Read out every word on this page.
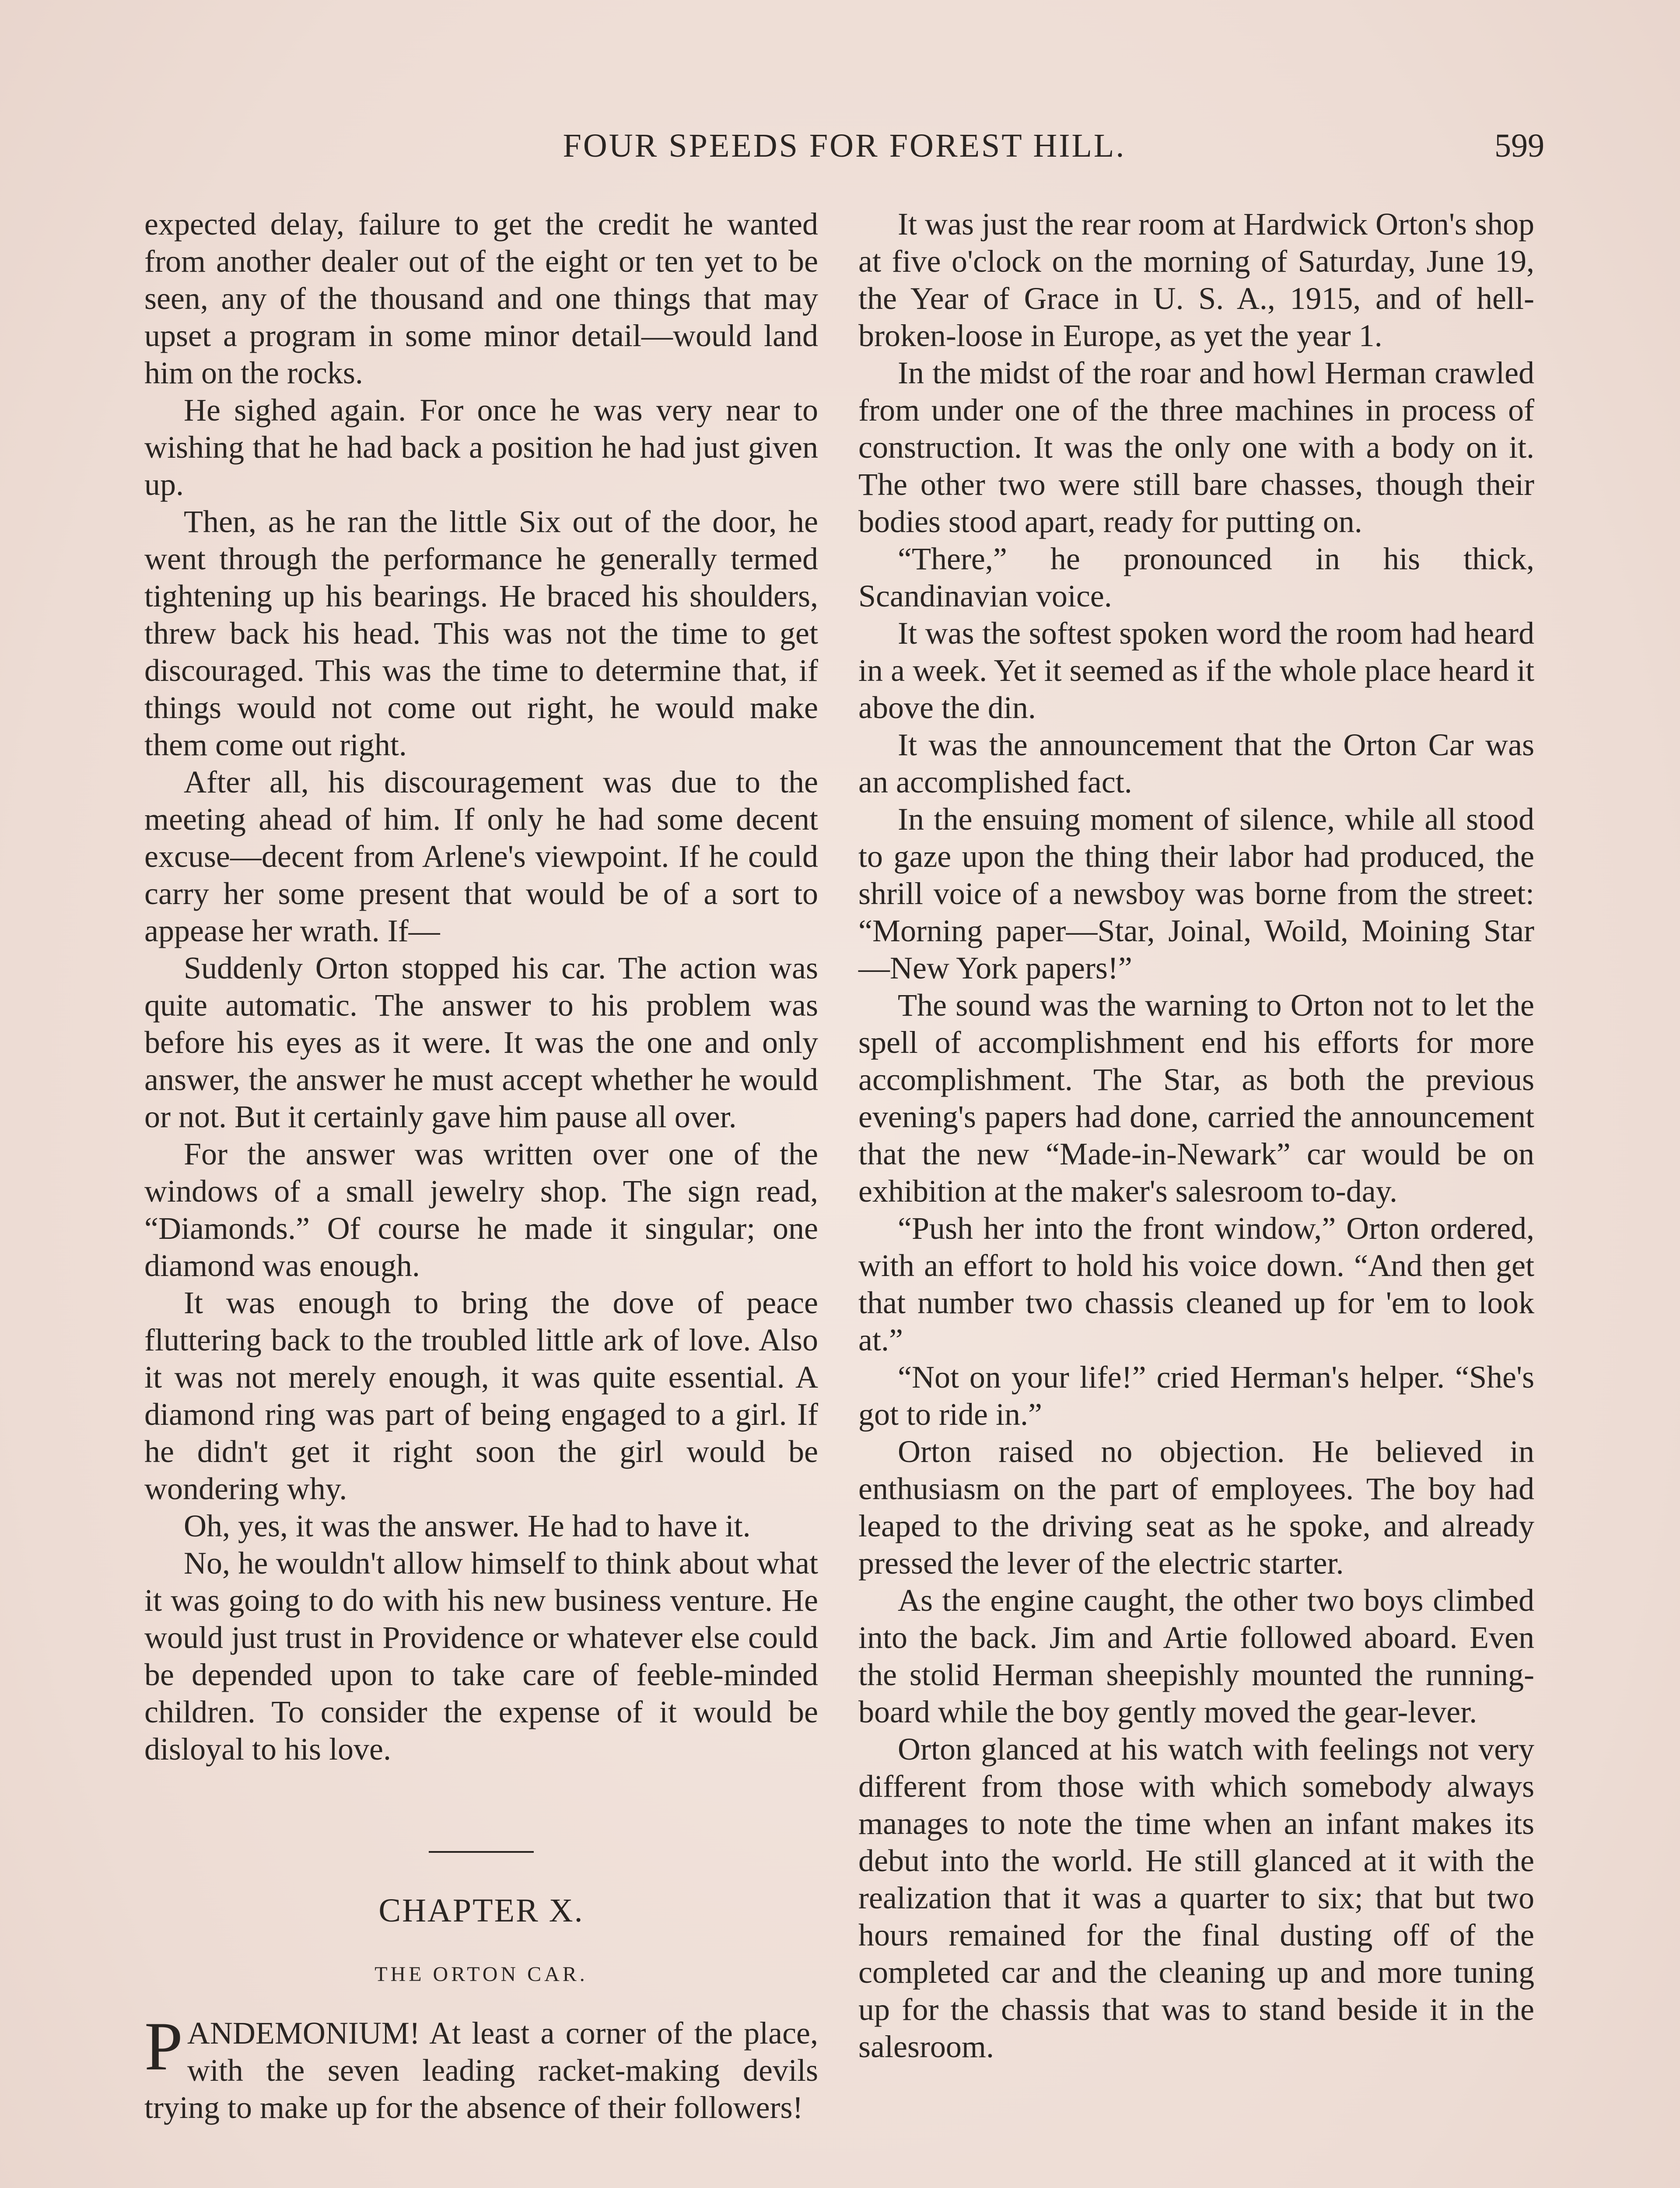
FOUR SPEEDS FOR FOREST HILL.	599

expected delay, failure to get the credit he wanted from another dealer out of the eight or ten yet to be seen, any of the thousand and one things that may upset a program in some minor detail—would land him on the rocks.

He sighed again. For once he was very near to wishing that he had back a position he had just given up.

Then, as he ran the little Six out of the door, he went through the performance he generally termed tightening up his bearings. He braced his shoulders, threw back his head. This was not the time to get discouraged. This was the time to determine that, if things would not come out right, he would make them come out right.

After all, his discouragement was due to the meeting ahead of him. If only he had some decent excuse—decent from Arlene's viewpoint. If he could carry her some present that would be of a sort to appease her wrath. If—

Suddenly Orton stopped his car. The action was quite automatic. The answer to his problem was before his eyes as it were. It was the one and only answer, the answer he must accept whether he would or not. But it certainly gave him pause all over.

For the answer was written over one of the windows of a small jewelry shop. The sign read, “Diamonds.” Of course he made it singular; one diamond was enough.

It was enough to bring the dove of peace fluttering back to the troubled little ark of love. Also it was not merely enough, it was quite essential. A diamond ring was part of being engaged to a girl. If he didn't get it right soon the girl would be wondering why.

Oh, yes, it was the answer. He had to have it.

No, he wouldn't allow himself to think about what it was going to do with his new business venture. He would just trust in Providence or whatever else could be depended upon to take care of feeble-minded children. To consider the expense of it would be disloyal to his love.

CHAPTER X.
THE ORTON CAR.

PANDEMONIUM! At least a corner of the place, with the seven leading racket-making devils trying to make up for the absence of their followers!

It was just the rear room at Hardwick Orton's shop at five o'clock on the morning of Saturday, June 19, the Year of Grace in U. S. A., 1915, and of hell-broken-loose in Europe, as yet the year 1.

In the midst of the roar and howl Herman crawled from under one of the three machines in process of construction. It was the only one with a body on it. The other two were still bare chasses, though their bodies stood apart, ready for putting on.

“There,” he pronounced in his thick, Scandinavian voice.

It was the softest spoken word the room had heard in a week. Yet it seemed as if the whole place heard it above the din.

It was the announcement that the Orton Car was an accomplished fact.

In the ensuing moment of silence, while all stood to gaze upon the thing their labor had produced, the shrill voice of a newsboy was borne from the street: “Morning paper—Star, Joinal, Woild, Moining Star—New York papers!”

The sound was the warning to Orton not to let the spell of accomplishment end his efforts for more accomplishment. The Star, as both the previous evening's papers had done, carried the announcement that the new “Made-in-Newark” car would be on exhibition at the maker's salesroom to-day.

“Push her into the front window,” Orton ordered, with an effort to hold his voice down. “And then get that number two chassis cleaned up for 'em to look at.”

“Not on your life!” cried Herman's helper. “She's got to ride in.”

Orton raised no objection. He believed in enthusiasm on the part of employees. The boy had leaped to the driving seat as he spoke, and already pressed the lever of the electric starter.

As the engine caught, the other two boys climbed into the back. Jim and Artie followed aboard. Even the stolid Herman sheepishly mounted the running-board while the boy gently moved the gear-lever.

Orton glanced at his watch with feelings not very different from those with which somebody always manages to note the time when an infant makes its debut into the world. He still glanced at it with the realization that it was a quarter to six; that but two hours remained for the final dusting off of the completed car and the cleaning up and more tuning up for the chassis that was to stand beside it in the salesroom.
